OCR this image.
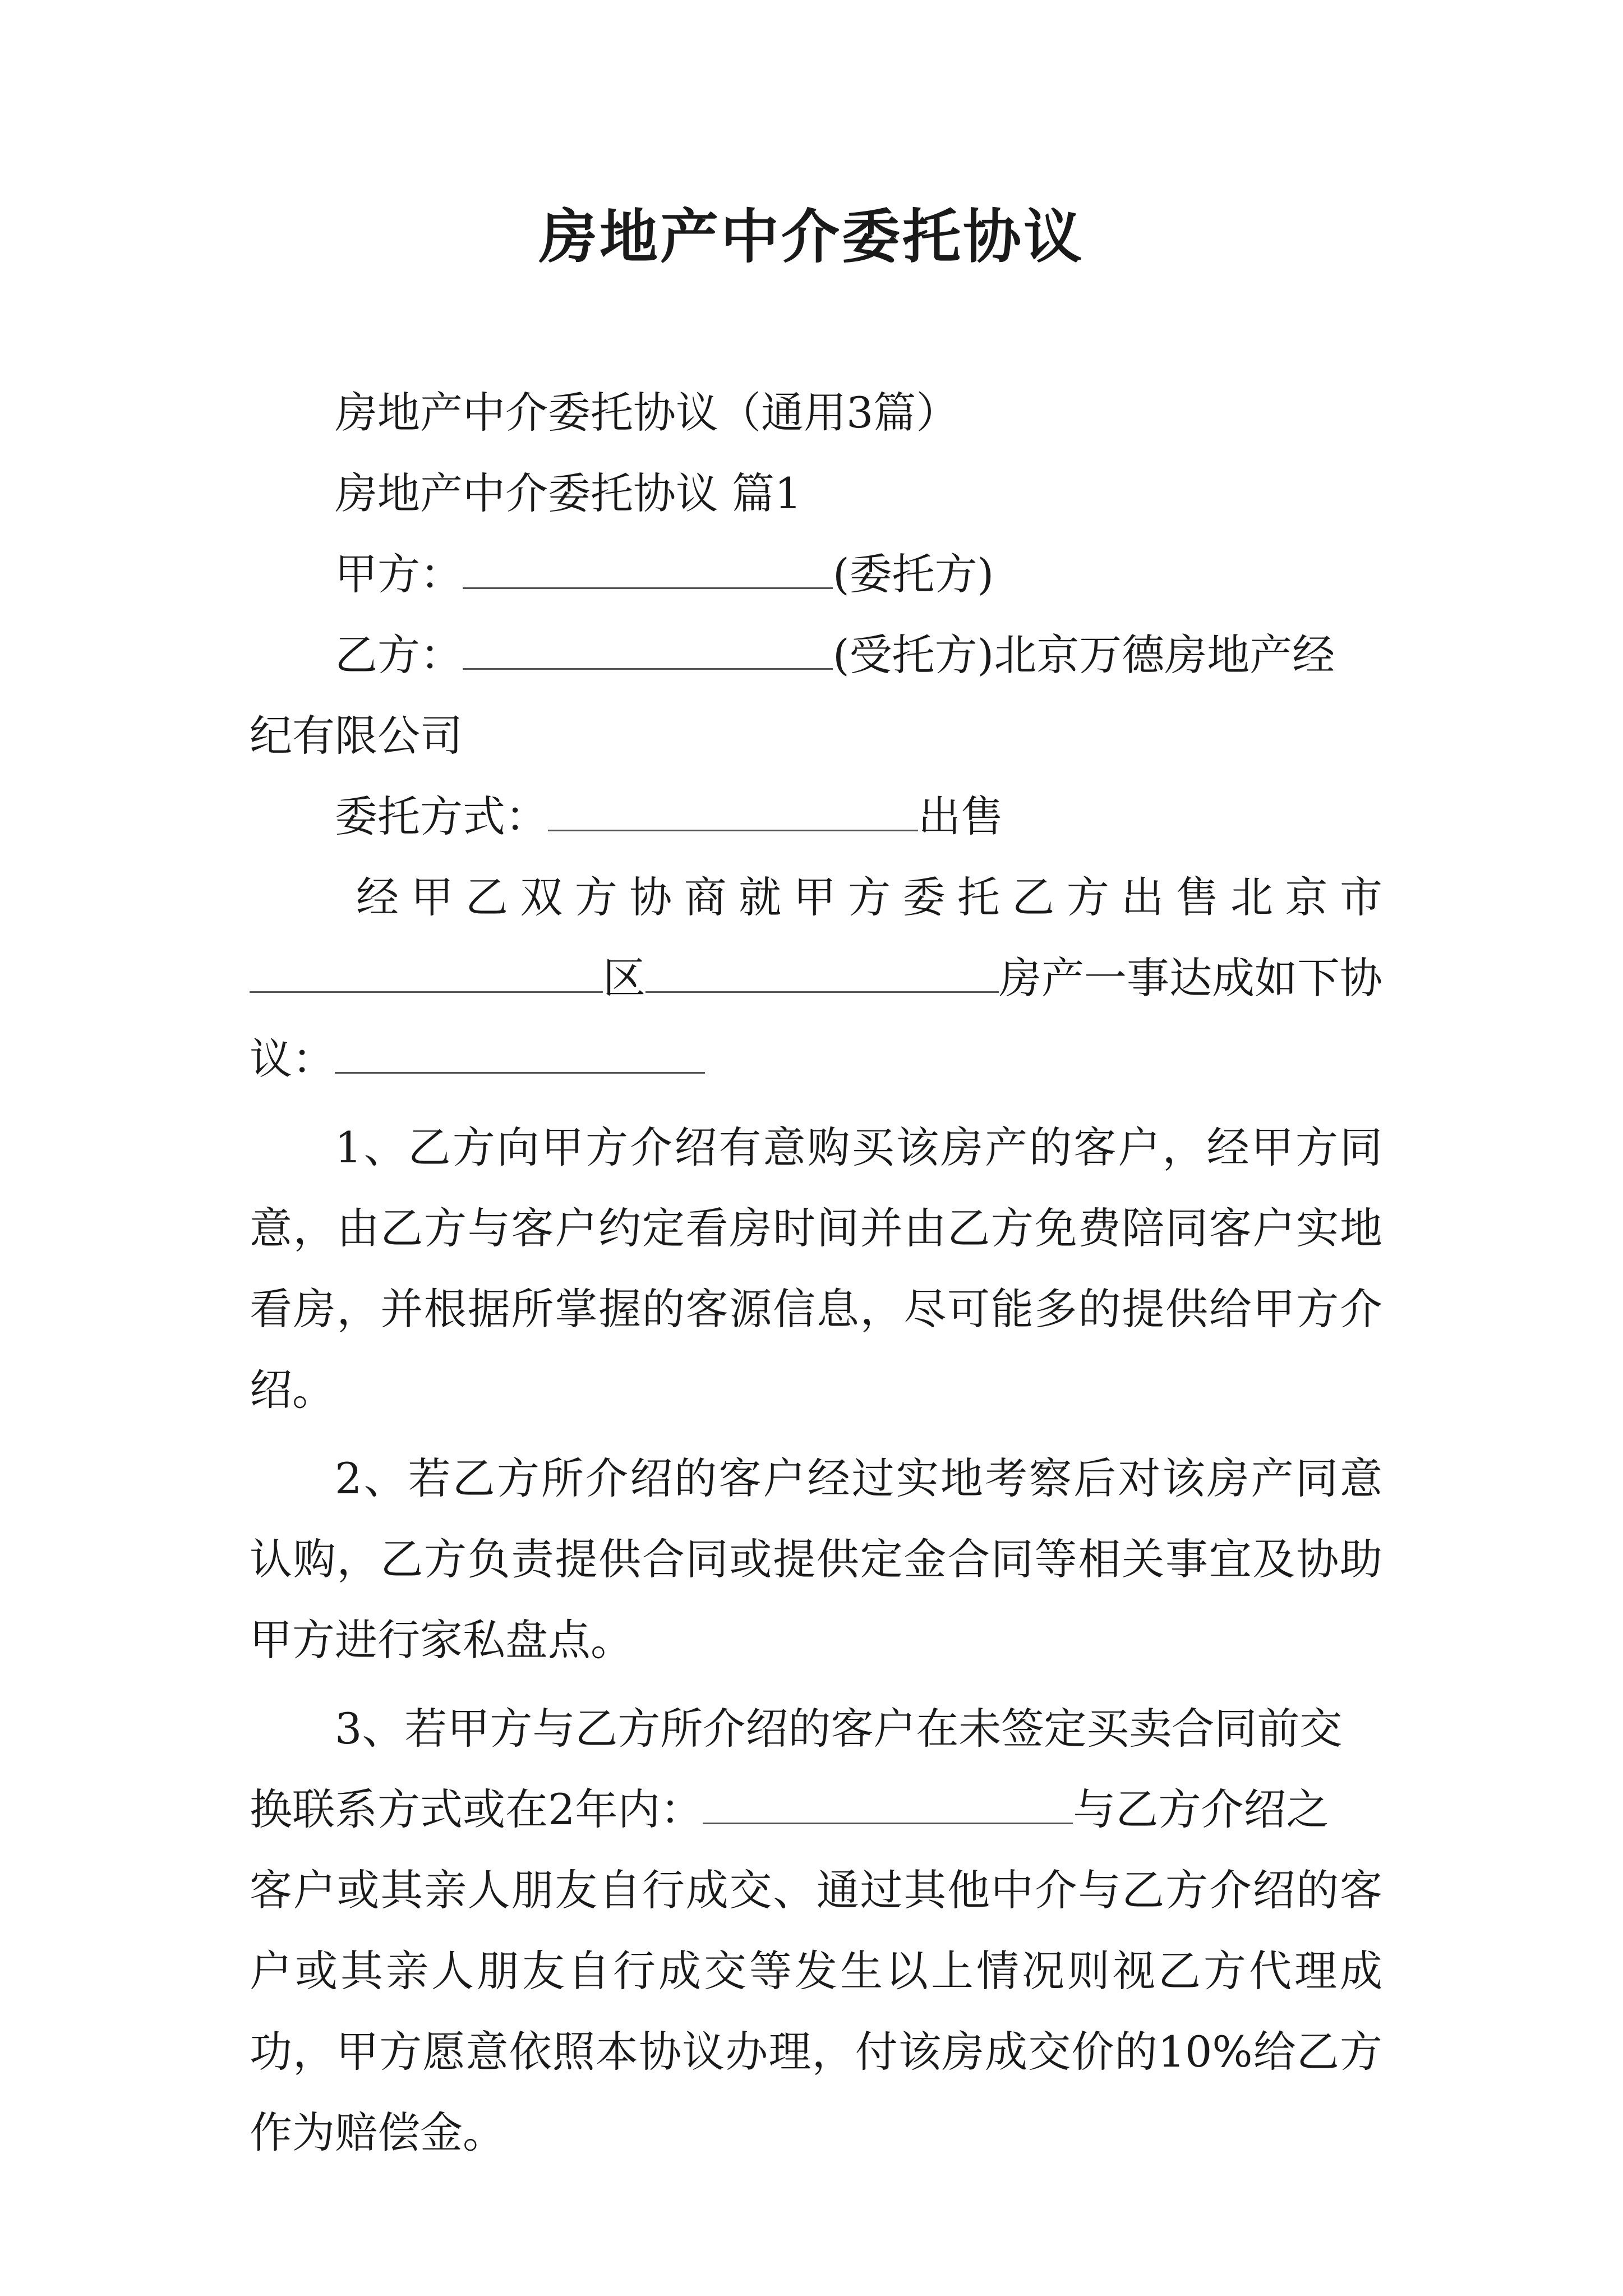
房地产中介委托协议

房地产中介委托协议（通用3篇）

房地产中介委托协议 篇1

甲方：	(委托方)

乙方：	(受托方)北京万德房地产经

纪有限公司

委托方式：	出售

经甲乙双方协商就甲方委托乙方出售北京市

区	房产一事达成如下协

议：

1、乙方向甲方介绍有意购买该房产的客户，经甲方同意，由乙方与客户约定看房时间并由乙方免费陪同客户实地看房，并根据所掌握的客源信息，尽可能多的提供给甲方介绍。

2、若乙方所介绍的客户经过实地考察后对该房产同意认购，乙方负责提供合同或提供定金合同等相关事宜及协助甲方进行家私盘点。

3、若甲方与乙方所介绍的客户在未签定买卖合同前交

换联系方式或在2年内：	与乙方介绍之

客户或其亲人朋友自行成交、通过其他中介与乙方介绍的客户或其亲人朋友自行成交等发生以上情况则视乙方代理成功，甲方愿意依照本协议办理，付该房成交价的10%给乙方作为赔偿金。
